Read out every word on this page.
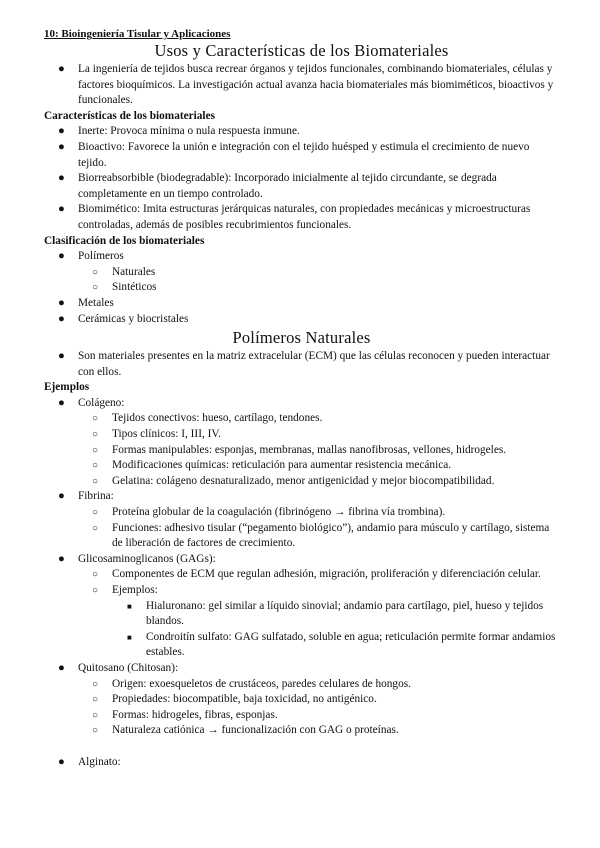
10: Bioingeniería Tisular y Aplicaciones
Usos y Características de los Biomateriales
● La ingeniería de tejidos busca recrear órganos y tejidos funcionales, combinando biomateriales, células y factores bioquímicos. La investigación actual avanza hacia biomateriales más biomiméticos, bioactivos y funcionales.
Características de los biomateriales
● Inerte: Provoca mínima o nula respuesta inmune.
● Bioactivo: Favorece la unión e integración con el tejido huésped y estimula el crecimiento de nuevo tejido.
● Biorreabsorbible (biodegradable): Incorporado inicialmente al tejido circundante, se degrada completamente en un tiempo controlado.
● Biomimético: Imita estructuras jerárquicas naturales, con propiedades mecánicas y microestructuras controladas, además de posibles recubrimientos funcionales.
Clasificación de los biomateriales
● Polímeros
○ Naturales
○ Sintéticos
● Metales
● Cerámicas y biocristales
Polímeros Naturales
● Son materiales presentes en la matriz extracelular (ECM) que las células reconocen y pueden interactuar con ellos.
Ejemplos
● Colágeno:
○ Tejidos conectivos: hueso, cartílago, tendones.
○ Tipos clínicos: I, III, IV.
○ Formas manipulables: esponjas, membranas, mallas nanofibrosas, vellones, hidrogeles.
○ Modificaciones químicas: reticulación para aumentar resistencia mecánica.
○ Gelatina: colágeno desnaturalizado, menor antigenicidad y mejor biocompatibilidad.
● Fibrina:
○ Proteína globular de la coagulación (fibrinógeno → fibrina vía trombina).
○ Funciones: adhesivo tisular (“pegamento biológico”), andamio para músculo y cartílago, sistema de liberación de factores de crecimiento.
● Glicosaminoglicanos (GAGs):
○ Componentes de ECM que regulan adhesión, migración, proliferación y diferenciación celular.
○ Ejemplos:
■ Hialuronano: gel similar a líquido sinovial; andamio para cartílago, piel, hueso y tejidos blandos.
■ Condroitín sulfato: GAG sulfatado, soluble en agua; reticulación permite formar andamios estables.
● Quitosano (Chitosan):
○ Origen: exoesqueletos de crustáceos, paredes celulares de hongos.
○ Propiedades: biocompatible, baja toxicidad, no antigénico.
○ Formas: hidrogeles, fibras, esponjas.
○ Naturaleza catiónica → funcionalización con GAG o proteínas.
● Alginato:
